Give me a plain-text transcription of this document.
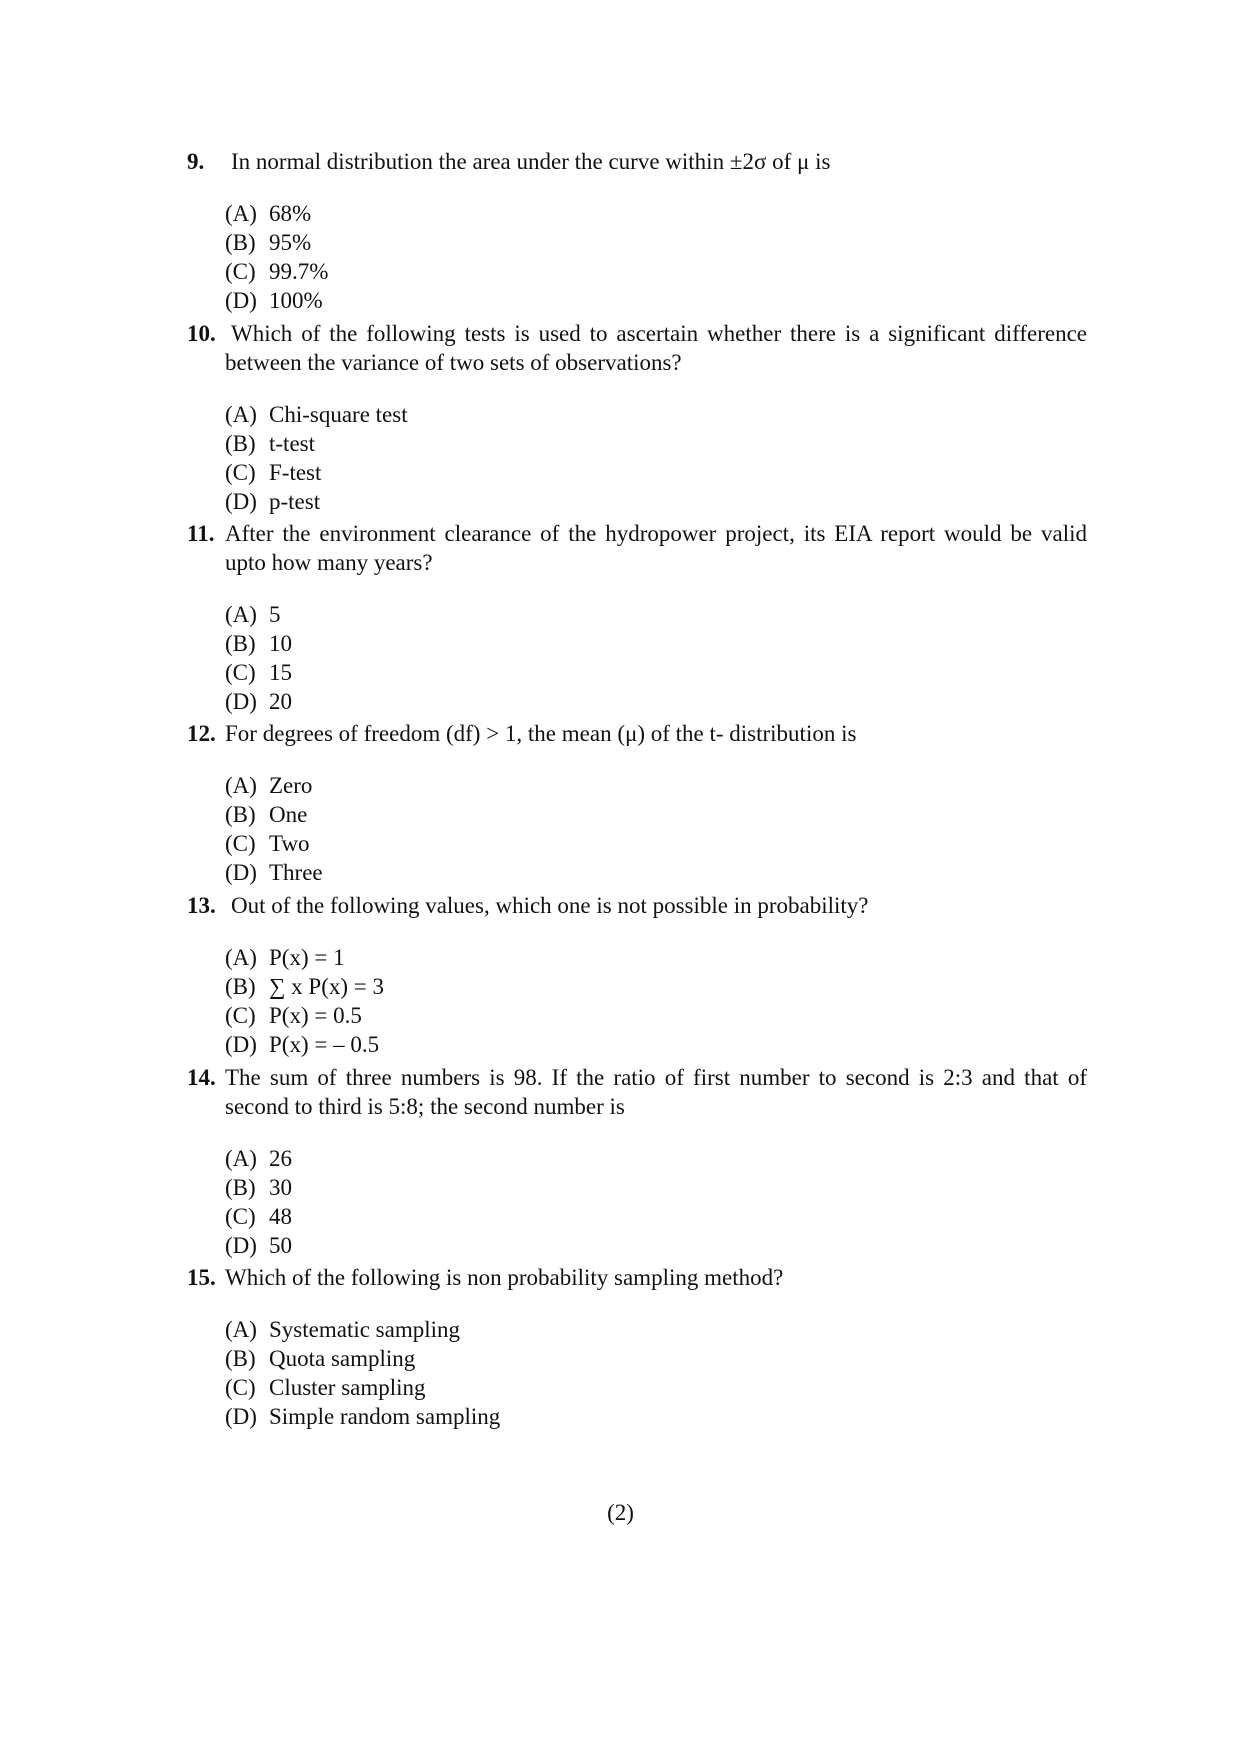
9. In normal distribution the area under the curve within ±2σ of μ is
(A) 68%
(B) 95%
(C) 99.7%
(D) 100%
10. Which of the following tests is used to ascertain whether there is a significant difference between the variance of two sets of observations?
(A) Chi-square test
(B) t-test
(C) F-test
(D) p-test
11. After the environment clearance of the hydropower project, its EIA report would be valid upto how many years?
(A) 5
(B) 10
(C) 15
(D) 20
12. For degrees of freedom (df) > 1, the mean (μ) of the t- distribution is
(A) Zero
(B) One
(C) Two
(D) Three
13. Out of the following values, which one is not possible in probability?
(A) P(x) = 1
(B) ∑ x P(x) = 3
(C) P(x) = 0.5
(D) P(x) = – 0.5
14. The sum of three numbers is 98. If the ratio of first number to second is 2:3 and that of second to third is 5:8; the second number is
(A) 26
(B) 30
(C) 48
(D) 50
15. Which of the following is non probability sampling method?
(A) Systematic sampling
(B) Quota sampling
(C) Cluster sampling
(D) Simple random sampling
(2)
